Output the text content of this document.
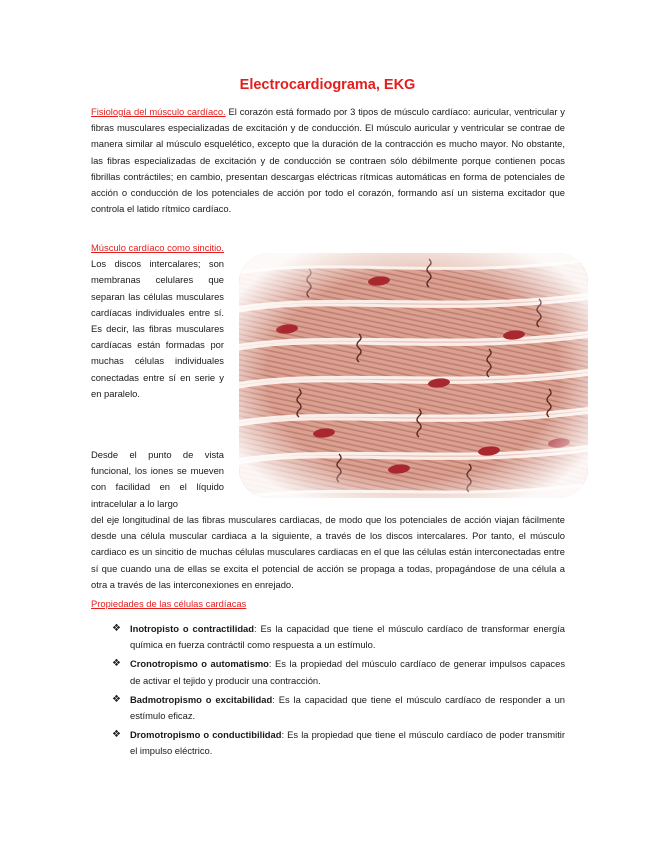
Electrocardiograma, EKG

Fisiología del músculo cardíaco. El corazón está formado por 3 tipos de músculo cardíaco: auricular, ventricular y fibras musculares especializadas de excitación y de conducción. El músculo auricular y ventricular se contrae de manera similar al músculo esquelético, excepto que la duración de la contracción es mucho mayor. No obstante, las fibras especializadas de excitación y de conducción se contraen sólo débilmente porque contienen pocas fibrillas contráctiles; en cambio, presentan descargas eléctricas rítmicas automáticas en forma de potenciales de acción o conducción de los potenciales de acción por todo el corazón, formando así un sistema excitador que controla el latido rítmico cardíaco.

Músculo cardíaco como sincitio. Los discos intercalares; son membranas celulares que separan las células musculares cardíacas individuales entre sí. Es decir, las fibras musculares cardíacas están formadas por muchas células individuales conectadas entre sí en serie y en paralelo.

Desde el punto de vista funcional, los iones se mueven con facilidad en el líquido intracelular a lo largo

del eje longitudinal de las fibras musculares cardiacas, de modo que los potenciales de acción viajan fácilmente desde una célula muscular cardiaca a la siguiente, a través de los discos intercalares. Por tanto, el músculo cardiaco es un sincitio de muchas células musculares cardiacas en el que las células están interconectadas entre sí que cuando una de ellas se excita el potencial de acción se propaga a todas, propagándose de una célula a otra a través de las interconexiones en enrejado.

Propiedades de las células cardíacas
❖ Inotropisto o contractilidad: Es la capacidad que tiene el músculo cardíaco de transformar energía química en fuerza contráctil como respuesta a un estímulo.
❖ Cronotropismo o automatismo: Es la propiedad del músculo cardíaco de generar impulsos capaces de activar el tejido y producir una contracción.
❖ Badmotropismo o excitabilidad: Es la capacidad que tiene el músculo cardíaco de responder a un estímulo eficaz.
❖ Dromotropismo o conductibilidad: Es la propiedad que tiene el músculo cardíaco de poder transmitir el impulso eléctrico.
